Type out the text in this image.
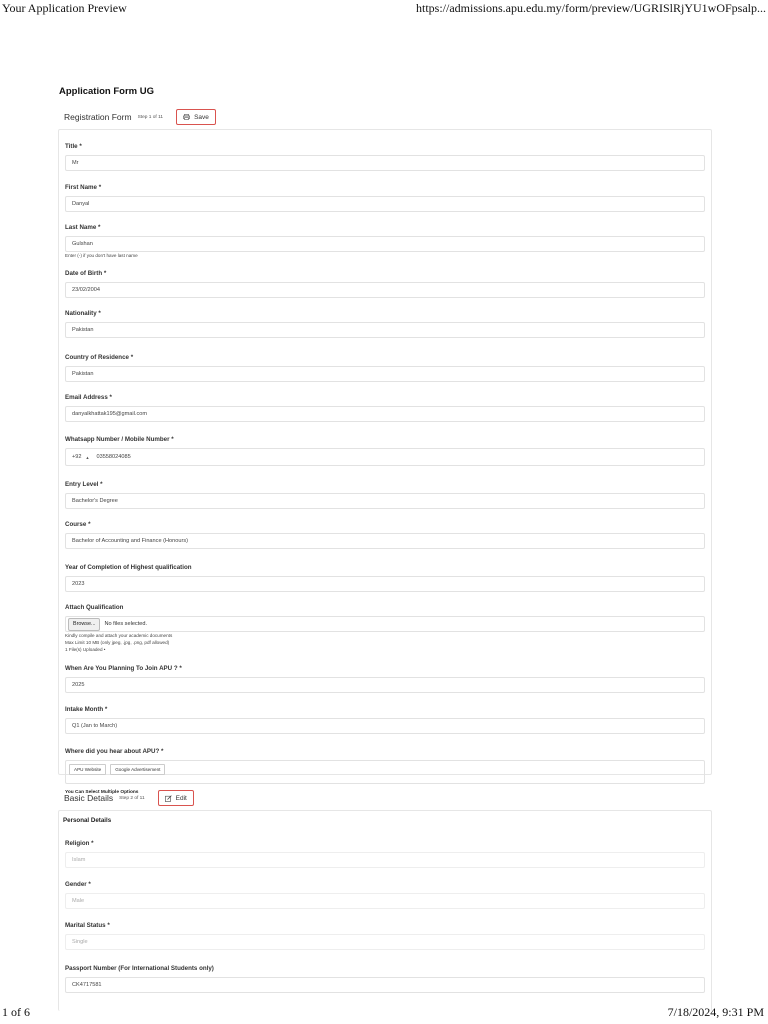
Your Application Preview	https://admissions.apu.edu.my/form/preview/UGRISlRjYU1wOFpsalp...
Application Form UG
Registration Form Step 1 of 11	Save
Title *
Mr
First Name *
Danyal
Last Name *
Gulshan
Enter (-) if you don't have last name
Date of Birth *
23/02/2004
Nationality *
Pakistan
Country of Residence *
Pakistan
Email Address *
danyalkhattak195@gmail.com
Whatsapp Number / Mobile Number *
+92 ▲ 03558024085
Entry Level *
Bachelor's Degree
Course *
Bachelor of Accounting and Finance (Honours)
Year of Completion of Highest qualification
2023
Attach Qualification
Browse...	No files selected.
Kindly compile and attach your academic documents
Max Limit 10 MB (only jpeg, .jpg, .png, pdf allowed)
1 File(s) Uploaded •
When Are You Planning To Join APU ? *
2025
Intake Month *
Q1 (Jan to March)
Where did you hear about APU? *
APU Website	Google Advertisement
You Can Select Multiple Options
Basic Details Step 2 of 11	Edit
Personal Details
Religion *
Islam
Gender *
Male
Marital Status *
Single
Passport Number (For International Students only)
CK4717581
1 of 6	7/18/2024, 9:31 PM
